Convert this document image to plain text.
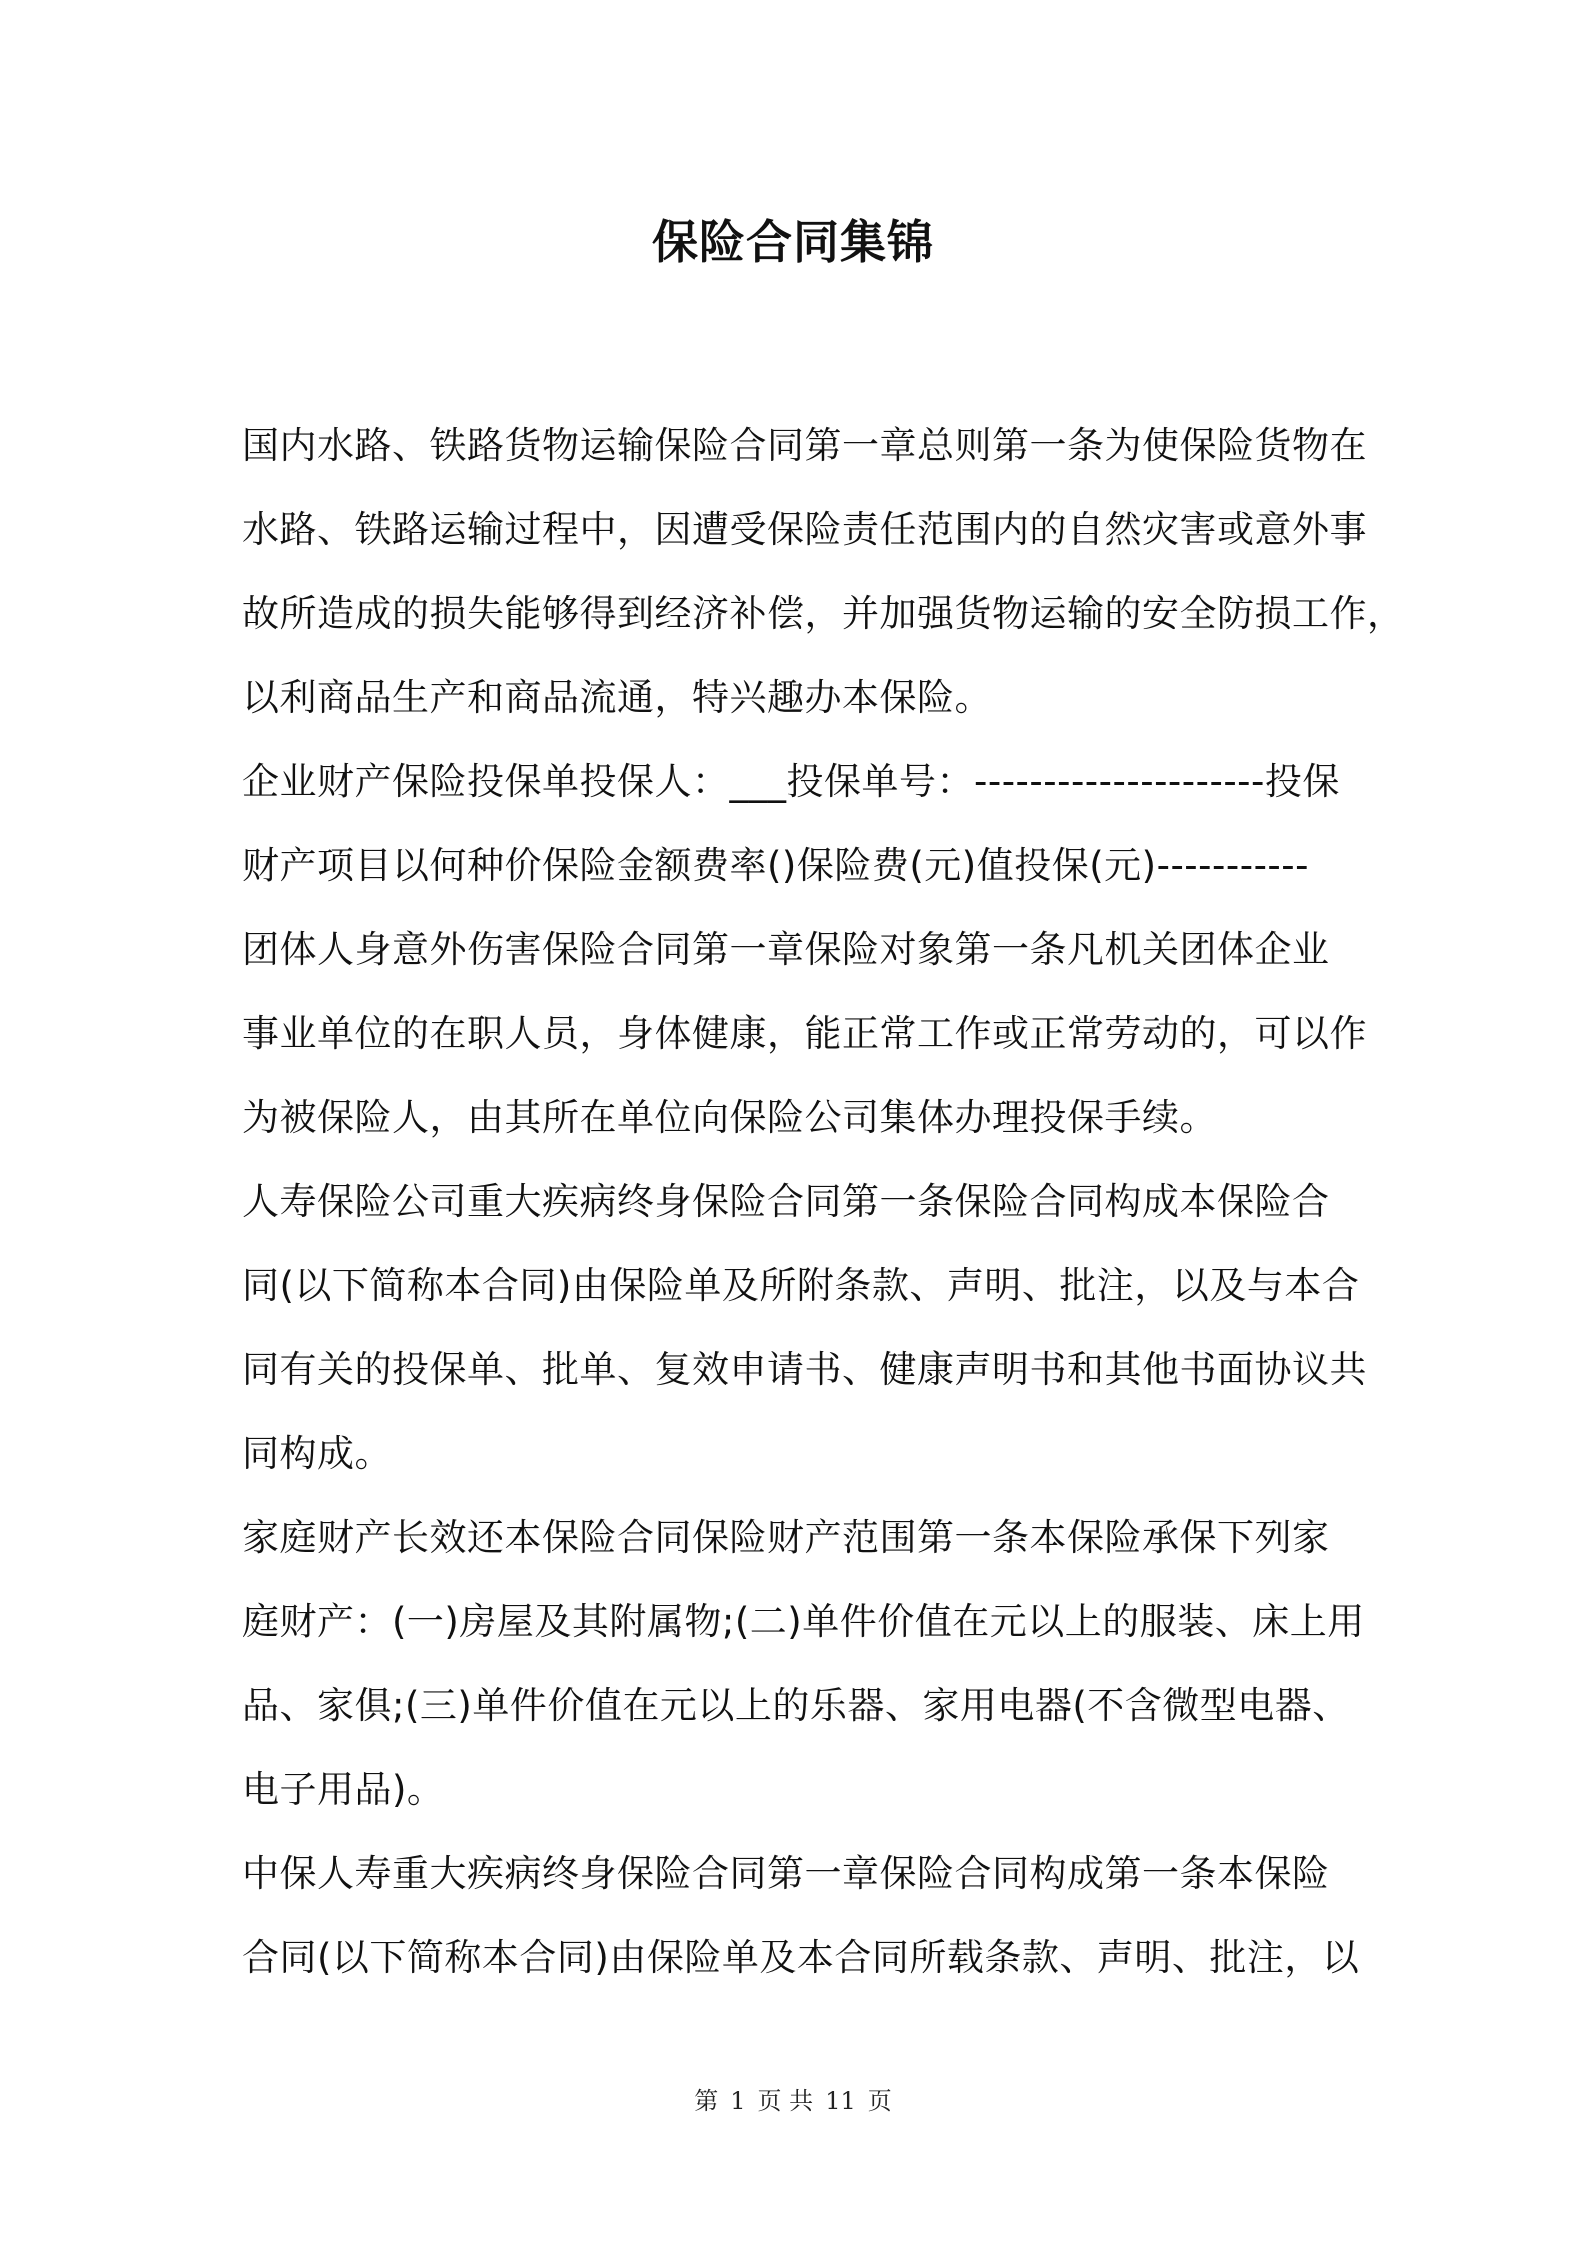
保险合同集锦
国内水路、铁路货物运输保险合同第一章总则第一条为使保险货物在
水路、铁路运输过程中，因遭受保险责任范围内的自然灾害或意外事
故所造成的损失能够得到经济补偿，并加强货物运输的安全防损工作，
以利商品生产和商品流通，特兴趣办本保险。
企业财产保险投保单投保人：___投保单号：---------------------投保
财产项目以何种价保险金额费率()保险费(元)值投保(元)-----------
团体人身意外伤害保险合同第一章保险对象第一条凡机关团体企业
事业单位的在职人员，身体健康，能正常工作或正常劳动的，可以作
为被保险人，由其所在单位向保险公司集体办理投保手续。
人寿保险公司重大疾病终身保险合同第一条保险合同构成本保险合
同(以下简称本合同)由保险单及所附条款、声明、批注，以及与本合
同有关的投保单、批单、复效申请书、健康声明书和其他书面协议共
同构成。
家庭财产长效还本保险合同保险财产范围第一条本保险承保下列家
庭财产：(一)房屋及其附属物;(二)单件价值在元以上的服装、床上用
品、家俱;(三)单件价值在元以上的乐器、家用电器(不含微型电器、
电子用品)。
中保人寿重大疾病终身保险合同第一章保险合同构成第一条本保险
合同(以下简称本合同)由保险单及本合同所载条款、声明、批注，以
第 1 页 共 11 页
